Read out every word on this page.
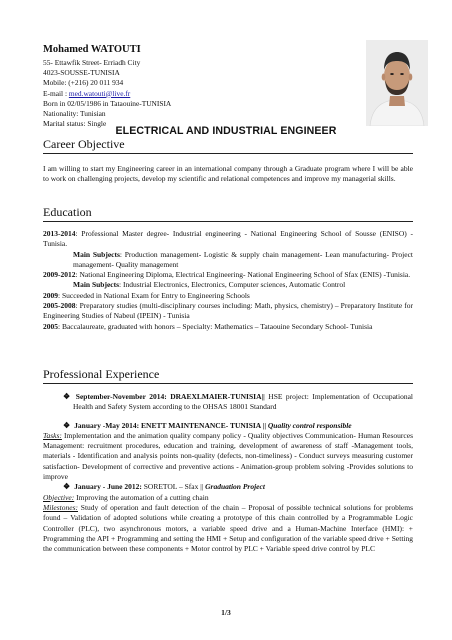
Mohamed WATOUTI
55- Ettawfik Street- Erriadh City
4023-SOUSSE-TUNISIA
Mobile: (+216) 20 011 934
E-mail : med.watouti@live.fr
Born in 02/05/1986 in Tataouine-TUNISIA
Nationality: Tunisian
Marital status: Single
ELECTRICAL AND INDUSTRIAL ENGINEER
Career Objective
I am willing to start my Engineering career in an international company through a Graduate program where I will be able to work on challenging projects, develop my scientific and relational competences and improve my managerial skills.
Education

2013-2014: Professional Master degree- Industrial engineering - National Engineering School of Sousse (ENISO) -Tunisia.

Main Subjects: Production management- Logistic & supply chain management- Lean manufacturing- Project management- Quality management

2009-2012: National Engineering Diploma, Electrical Engineering- National Engineering School of Sfax (ENIS) -Tunisia.

Main Subjects: Industrial Electronics, Electronics, Computer sciences, Automatic Control

2009: Succeeded in National Exam for Entry to Engineering Schools

2005-2008: Preparatory studies (multi-disciplinary courses including: Math, physics, chemistry) – Preparatory Institute for Engineering Studies of Nabeul (IPEIN) - Tunisia

2005: Baccalaureate, graduated with honors – Specialty: Mathematics – Tataouine Secondary School- Tunisia

Professional Experience

❖ September-November 2014: DRAEXLMAIER-TUNISIA|| HSE project: Implementation of Occupational Health and Safety System according to the OHSAS 18001 Standard

❖ January -May 2014: ENETT MAINTENANCE- TUNISIA || Quality control responsible

Tasks: Implementation and the animation quality company policy - Quality objectives Communication- Human Resources Management: recruitment procedures, education and training, development of awareness of staff -Management tools, materials - Identification and analysis points non-quality (defects, non-timeliness) - Conduct surveys measuring customer satisfaction- Development of corrective and preventive actions - Animation-group problem solving -Provides solutions to improve

❖ January - June 2012: SORETOL – Sfax || Graduation Project

Objective: Improving the automation of a cutting chain

Milestones: Study of operation and fault detection of the chain – Proposal of possible technical solutions for problems found – Validation of adopted solutions while creating a prototype of this chain controlled by a Programmable Logic Controller (PLC), two asynchronous motors, a variable speed drive and a Human-Machine Interface (HMI): + Programming the API + Programming and setting the HMI + Setup and configuration of the variable speed drive + Setting the communication between these components + Motor control by PLC + Variable speed drive control by PLC

1/3
